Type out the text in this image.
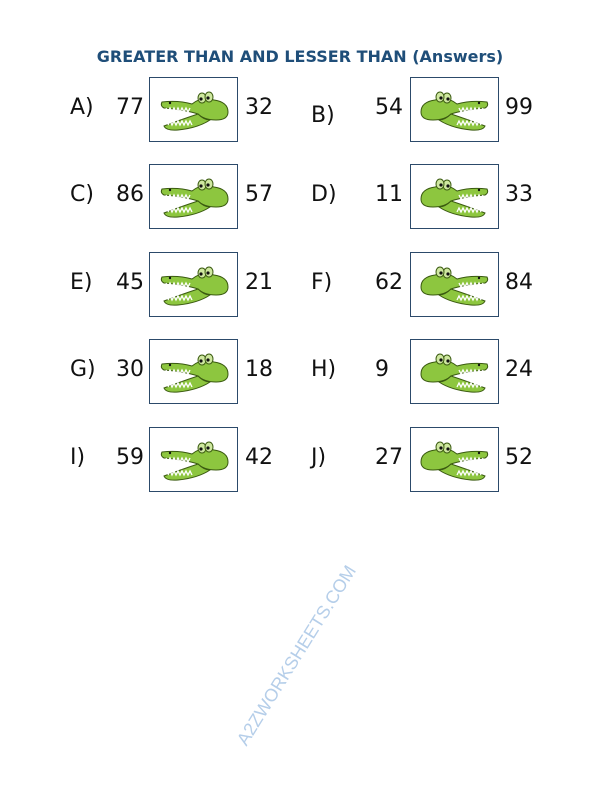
GREATER THAN AND LESSER THAN (Answers)
A) 77	32 B) 54	99
C) 86	57 D) 11	33
E) 45	21 F) 62	84
G) 30	18 H) 9	24
I) 59	42 J) 27	52
A2ZWORKSHEETS.COM
